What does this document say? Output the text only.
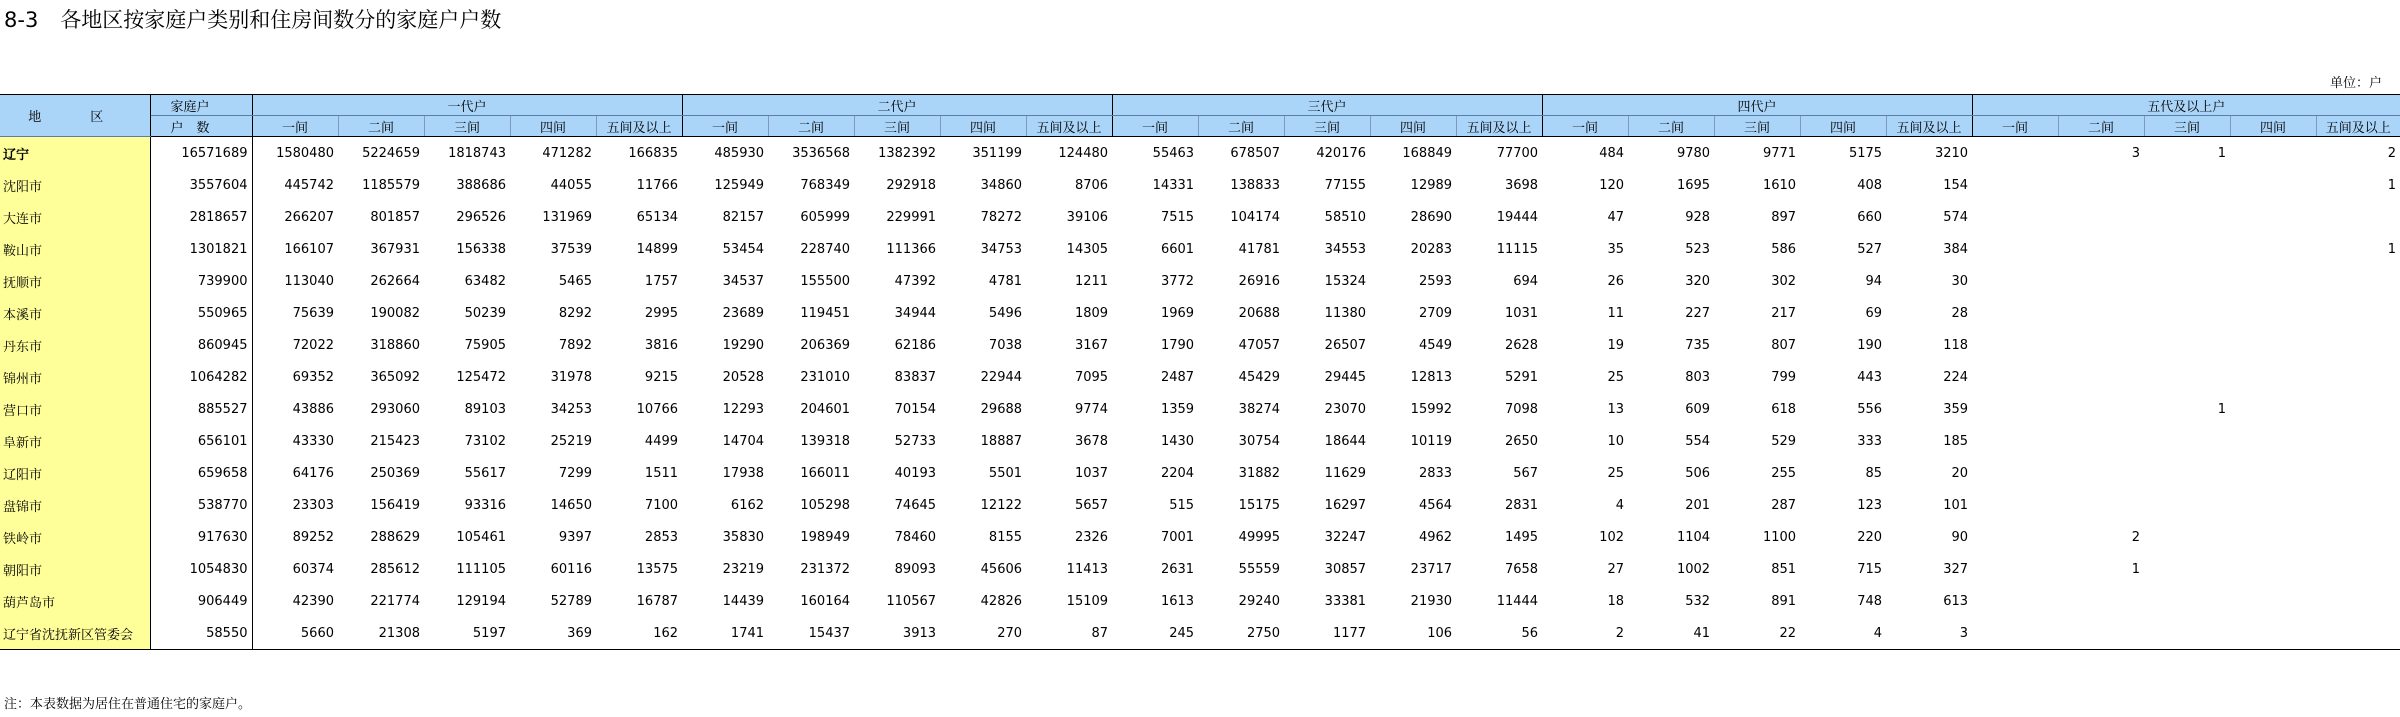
8-3 各地区按家庭户类别和住房间数分的家庭户户数
单位：户
地　区	家庭户	一代户					二代户					三代户					四代户					五代及以上户				
	户　数	一间	二间	三间	四间	五间及以上	一间	二间	三间	四间	五间及以上	一间	二间	三间	四间	五间及以上	一间	二间	三间	四间	五间及以上	一间	二间	三间	四间	五间及以上
辽宁	16571689	1580480	5224659	1818743	471282	166835	485930	3536568	1382392	351199	124480	55463	678507	420176	168849	77700	484	9780	9771	5175	3210		3	1		2
沈阳市	3557604	445742	1185579	388686	44055	11766	125949	768349	292918	34860	8706	14331	138833	77155	12989	3698	120	1695	1610	408	154					1
大连市	2818657	266207	801857	296526	131969	65134	82157	605999	229991	78272	39106	7515	104174	58510	28690	19444	47	928	897	660	574					
鞍山市	1301821	166107	367931	156338	37539	14899	53454	228740	111366	34753	14305	6601	41781	34553	20283	11115	35	523	586	527	384					1
抚顺市	739900	113040	262664	63482	5465	1757	34537	155500	47392	4781	1211	3772	26916	15324	2593	694	26	320	302	94	30					
本溪市	550965	75639	190082	50239	8292	2995	23689	119451	34944	5496	1809	1969	20688	11380	2709	1031	11	227	217	69	28					
丹东市	860945	72022	318860	75905	7892	3816	19290	206369	62186	7038	3167	1790	47057	26507	4549	2628	19	735	807	190	118					
锦州市	1064282	69352	365092	125472	31978	9215	20528	231010	83837	22944	7095	2487	45429	29445	12813	5291	25	803	799	443	224					
营口市	885527	43886	293060	89103	34253	10766	12293	204601	70154	29688	9774	1359	38274	23070	15992	7098	13	609	618	556	359			1		
阜新市	656101	43330	215423	73102	25219	4499	14704	139318	52733	18887	3678	1430	30754	18644	10119	2650	10	554	529	333	185					
辽阳市	659658	64176	250369	55617	7299	1511	17938	166011	40193	5501	1037	2204	31882	11629	2833	567	25	506	255	85	20					
盘锦市	538770	23303	156419	93316	14650	7100	6162	105298	74645	12122	5657	515	15175	16297	4564	2831	4	201	287	123	101					
铁岭市	917630	89252	288629	105461	9397	2853	35830	198949	78460	8155	2326	7001	49995	32247	4962	1495	102	1104	1100	220	90		2			
朝阳市	1054830	60374	285612	111105	60116	13575	23219	231372	89093	45606	11413	2631	55559	30857	23717	7658	27	1002	851	715	327		1			
葫芦岛市	906449	42390	221774	129194	52789	16787	14439	160164	110567	42826	15109	1613	29240	33381	21930	11444	18	532	891	748	613					
辽宁省沈抚新区管委会	58550	5660	21308	5197	369	162	1741	15437	3913	270	87	245	2750	1177	106	56	2	41	22	4	3					
注：本表数据为居住在普通住宅的家庭户。
